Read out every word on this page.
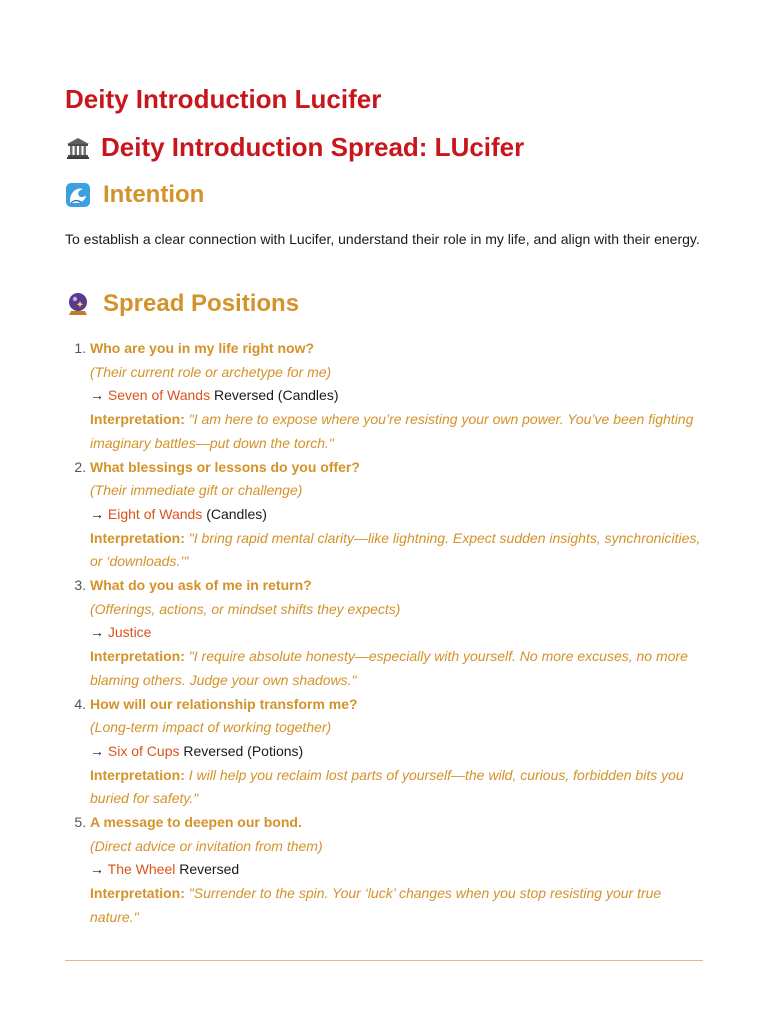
Deity Introduction Lucifer
Deity Introduction Spread: LUcifer
Intention

To establish a clear connection with Lucifer, understand their role in my life, and align with their energy.

Spread Positions
1. Who are you in my life right now?
(Their current role or archetype for me)
→ Seven of Wands Reversed (Candles)
Interpretation: "I am here to expose where you’re resisting your own power. You’ve been fighting imaginary battles—put down the torch."
2. What blessings or lessons do you offer?
(Their immediate gift or challenge)
→ Eight of Wands (Candles)
Interpretation: "I bring rapid mental clarity—like lightning. Expect sudden insights, synchronicities, or ‘downloads.’"
3. What do you ask of me in return?
(Offerings, actions, or mindset shifts they expects)
→ Justice
Interpretation: "I require absolute honesty—especially with yourself. No more excuses, no more blaming others. Judge your own shadows."
4. How will our relationship transform me?
(Long-term impact of working together)
→ Six of Cups Reversed (Potions)
Interpretation: I will help you reclaim lost parts of yourself—the wild, curious, forbidden bits you buried for safety."
5. A message to deepen our bond.
(Direct advice or invitation from them)
→ The Wheel Reversed
Interpretation: "Surrender to the spin. Your ‘luck’ changes when you stop resisting your true nature."
